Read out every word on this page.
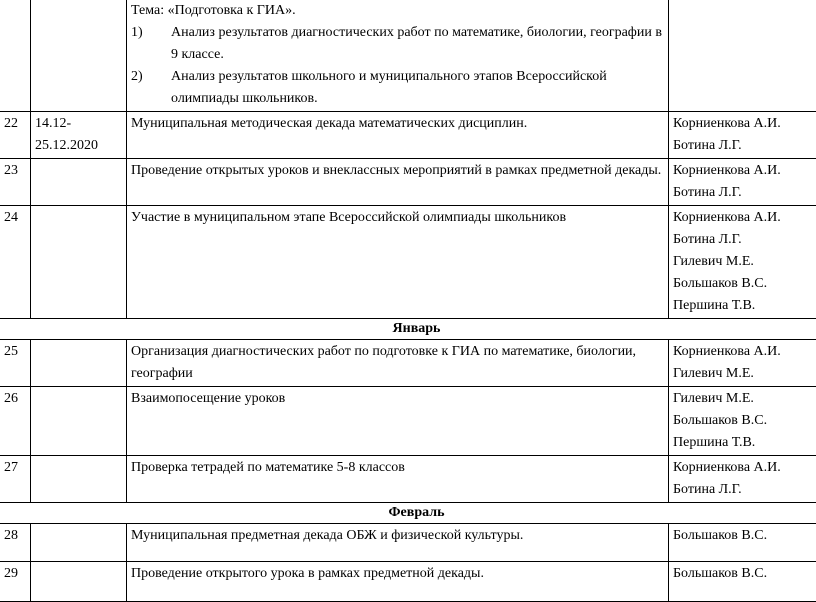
		Тема: «Подготовка к ГИА».
1) Анализ результатов диагностических работ по математике, биологии, географии в 9 классе.
2) Анализ результатов школьного и муниципального этапов Всероссийской олимпиады школьников.	

22	14.12-25.12.2020	Муниципальная методическая декада математических дисциплин.	Корниенкова А.И.
Ботина Л.Г.

23		Проведение открытых уроков и внеклассных мероприятий в рамках предметной декады.	Корниенкова А.И.
Ботина Л.Г.

24		Участие в муниципальном этапе Всероссийской олимпиады школьников	Корниенкова А.И.
Ботина Л.Г.
Гилевич М.Е.
Большаков В.С.
Першина Т.В.

Январь			
25		Организация диагностических работ по подготовке к ГИА по математике, биологии, географии	Корниенкова А.И.
Гилевич М.Е.

26		Взаимопосещение уроков	Гилевич М.Е.
Большаков В.С.
Першина Т.В.

27		Проверка тетрадей по математике 5-8 классов	Корниенкова А.И.
Ботина Л.Г.

Февраль			
28		Муниципальная предметная декада ОБЖ и физической культуры.	Большаков В.С.

29		Проведение открытого урока в рамках предметной декады.	Большаков В.С.
